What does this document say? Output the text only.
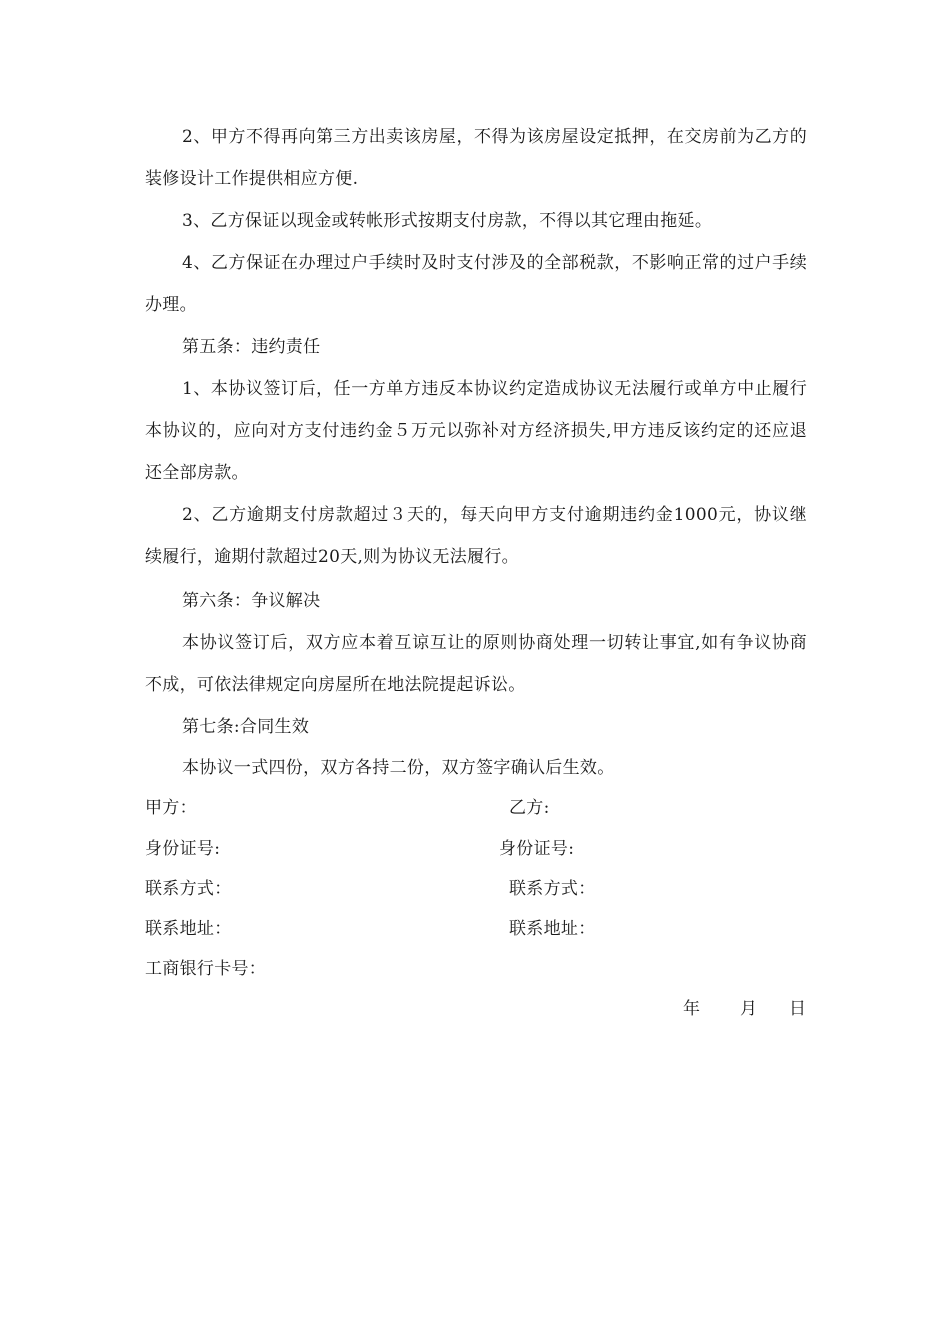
2、甲方不得再向第三方出卖该房屋，不得为该房屋设定抵押，在交房前为乙方的装修设计工作提供相应方便.
3、乙方保证以现金或转帐形式按期支付房款，不得以其它理由拖延。
4、乙方保证在办理过户手续时及时支付涉及的全部税款，不影响正常的过户手续办理。
第五条：违约责任
1、本协议签订后，任一方单方违反本协议约定造成协议无法履行或单方中止履行本协议的，应向对方支付违约金５万元以弥补对方经济损失,甲方违反该约定的还应退还全部房款。
2、乙方逾期支付房款超过３天的，每天向甲方支付逾期违约金1000元，协议继续履行，逾期付款超过20天,则为协议无法履行。
第六条：争议解决
本协议签订后，双方应本着互谅互让的原则协商处理一切转让事宜,如有争议协商不成，可依法律规定向房屋所在地法院提起诉讼。
第七条:合同生效
本协议一式四份，双方各持二份，双方签字确认后生效。
甲方：	乙方:
身份证号:	身份证号:
联系方式：	联系方式：
联系地址：	联系地址：
工商银行卡号：
年 月 日
